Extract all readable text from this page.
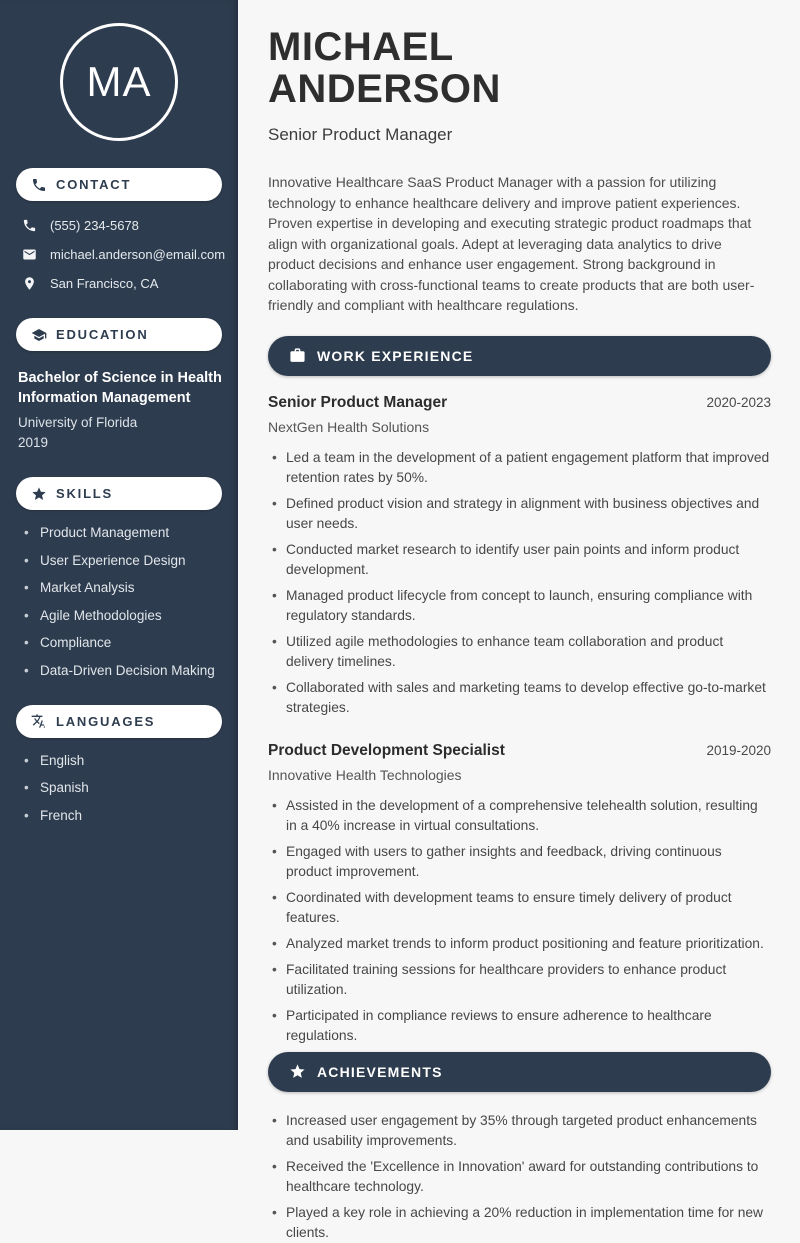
MA
CONTACT
(555) 234-5678
michael.anderson@email.com
San Francisco, CA
EDUCATION
Bachelor of Science in Health Information Management
University of Florida
2019
SKILLS
• Product Management
• User Experience Design
• Market Analysis
• Agile Methodologies
• Compliance
• Data-Driven Decision Making
LANGUAGES
• English
• Spanish
• French
MICHAEL
ANDERSON
Senior Product Manager

Innovative Healthcare SaaS Product Manager with a passion for utilizing technology to enhance healthcare delivery and improve patient experiences. Proven expertise in developing and executing strategic product roadmaps that align with organizational goals. Adept at leveraging data analytics to drive product decisions and enhance user engagement. Strong background in collaborating with cross-functional teams to create products that are both user-friendly and compliant with healthcare regulations.

WORK EXPERIENCE
Senior Product Manager	2020-2023
NextGen Health Solutions
• Led a team in the development of a patient engagement platform that improved retention rates by 50%.
• Defined product vision and strategy in alignment with business objectives and user needs.
• Conducted market research to identify user pain points and inform product development.
• Managed product lifecycle from concept to launch, ensuring compliance with regulatory standards.
• Utilized agile methodologies to enhance team collaboration and product delivery timelines.
• Collaborated with sales and marketing teams to develop effective go-to-market strategies.
Product Development Specialist	2019-2020
Innovative Health Technologies
• Assisted in the development of a comprehensive telehealth solution, resulting in a 40% increase in virtual consultations.
• Engaged with users to gather insights and feedback, driving continuous product improvement.
• Coordinated with development teams to ensure timely delivery of product features.
• Analyzed market trends to inform product positioning and feature prioritization.
• Facilitated training sessions for healthcare providers to enhance product utilization.
• Participated in compliance reviews to ensure adherence to healthcare regulations.
ACHIEVEMENTS
• Increased user engagement by 35% through targeted product enhancements and usability improvements.
• Received the 'Excellence in Innovation' award for outstanding contributions to healthcare technology.
• Played a key role in achieving a 20% reduction in implementation time for new clients.
